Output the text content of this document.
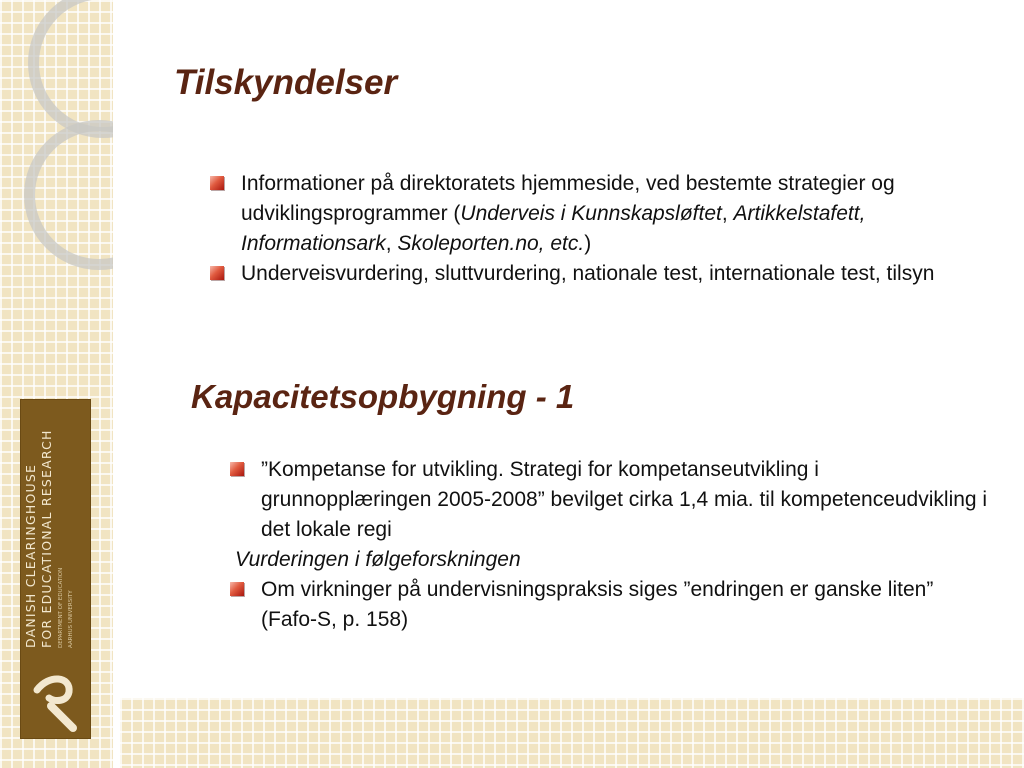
DANISH CLEARINGHOUSE FOR EDUCATIONAL RESEARCH DEPARTMENT OF EDUCATION AARHUS UNIVERSITY
Tilskyndelser
Informationer på direktoratets hjemmeside, ved bestemte strategier og udviklingsprogrammer (Underveis i Kunnskapsløftet, Artikkelstafett, Informationsark, Skoleporten.no, etc.)
Underveisvurdering, sluttvurdering, nationale test, internationale test, tilsyn
Kapacitetsopbygning - 1
”Kompetanse for utvikling. Strategi for kompetanseutvikling i grunnopplæringen 2005-2008” bevilget cirka 1,4 mia. til kompetenceudvikling i det lokale regi
Vurderingen i følgeforskningen
Om virkninger på undervisningspraksis siges ”endringen er ganske liten” (Fafo-S, p. 158)
